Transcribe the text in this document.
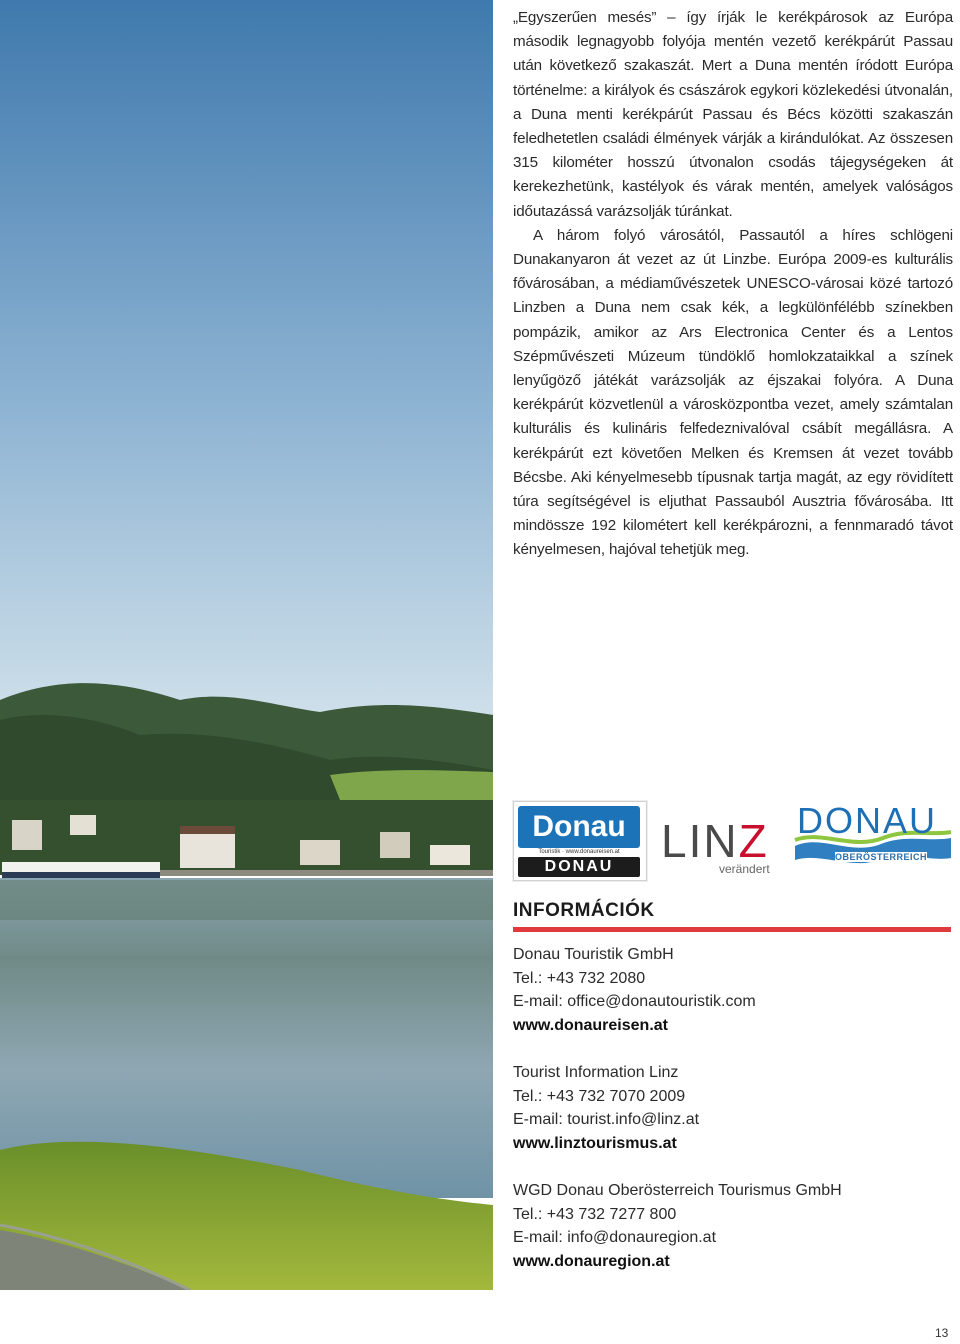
„Egyszerűen mesés” – így írják le kerékpárosok az Európa második legnagyobb folyója mentén vezető kerékpárút Passau után következő szakaszát. Mert a Duna mentén íródott Európa történelme: a királyok és császárok egykori közlekedési útvonalán, a Duna menti kerékpárút Passau és Bécs közötti szakaszán feledhetetlen családi élmények várják a kirándulókat. Az összesen 315 kilométer hosszú útvonalon csodás tájegységeken át kerekezhetünk, kastélyok és várak mentén, amelyek valóságos időutazássá varázsolják túránkat.

A három folyó városától, Passautól a híres schlögeni Dunakanyaron át vezet az út Linzbe. Európa 2009-es kulturális fővárosában, a médiaművészetek UNESCO-városai közé tartozó Linzben a Duna nem csak kék, a legkülönfélébb színekben pompázik, amikor az Ars Electronica Center és a Lentos Szépművészeti Múzeum tündöklő homlokzataikkal a színek lenyűgöző játékát varázsolják az éjszakai folyóra. A Duna kerékpárút közvetlenül a városközpontba vezet, amely számtalan kulturális és kulináris felfedeznivalóval csábít megállásra. A kerékpárút ezt követően Melken és Kremsen át vezet tovább Bécsbe. Aki kényelmesebb típusnak tartja magát, az egy rövidített túra segítségével is eljuthat Passauból Ausztria fővárosába. Itt mindössze 192 kilométert kell kerékpározni, a fennmaradó távot kényelmesen, hajóval tehetjük meg.

Donau
Touristik · www.donaureisen.at
DONAU	LINZ
verändert
DONAU
OBERÖSTERREICH
INFORMÁCIÓK
Donau Touristik GmbH
Tel.: +43 732 2080
E-mail: office@donautouristik.com
www.donaureisen.at
Tourist Information Linz
Tel.: +43 732 7070 2009
E-mail: tourist.info@linz.at
www.linztourismus.at
WGD Donau Oberösterreich Tourismus GmbH
Tel.: +43 732 7277 800
E-mail: info@donauregion.at
www.donauregion.at
13
